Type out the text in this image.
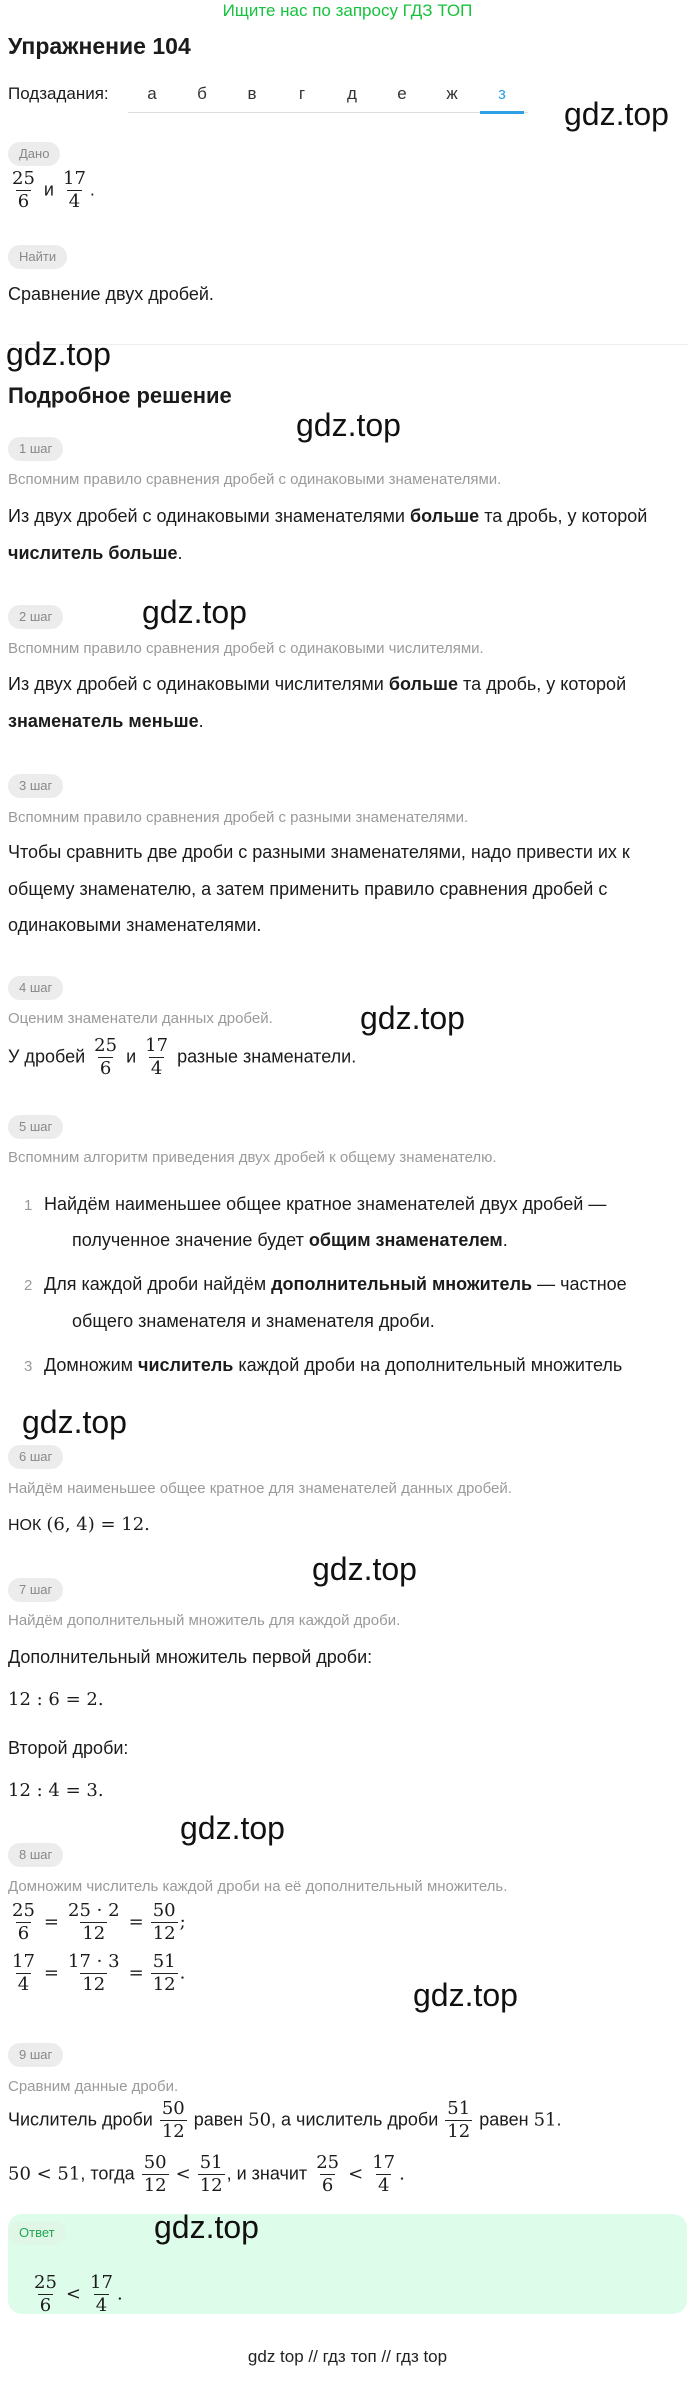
Ищите нас по запросу ГДЗ ТОП
Упражнение 104
Подзадания:	а	б	в	г	д	е	ж	з
gdz.top
Дано
$\frac{25}{6}$ и $\frac{17}{4}$ .
Найти
Сравнение двух дробей.
gdz.top
Подробное решение
gdz.top
1 шаг
Вспомним правило сравнения дробей с одинаковыми знаменателями.
Из двух дробей с одинаковыми знаменателями больше та дробь, у которой
числитель больше.
gdz.top
2 шаг
Вспомним правило сравнения дробей с одинаковыми числителями.
Из двух дробей с одинаковыми числителями больше та дробь, у которой
знаменатель меньше.
3 шаг
Вспомним правило сравнения дробей с разными знаменателями.
Чтобы сравнить две дроби с разными знаменателями, надо привести их к
общему знаменателю, а затем применить правило сравнения дробей с
одинаковыми знаменателями.
4 шаг
gdz.top
Оценим знаменатели данных дробей.
У дробей $\frac{25}{6}$ и $\frac{17}{4}$ разные знаменатели.
5 шаг
Вспомним алгоритм приведения двух дробей к общему знаменателю.
1 Найдём наименьшее общее кратное знаменателей двух дробей —
полученное значение будет общим знаменателем.
2 Для каждой дроби найдём дополнительный множитель — частное
общего знаменателя и знаменателя дроби.
3 Домножим числитель каждой дроби на дополнительный множитель
gdz.top
6 шаг
Найдём наименьшее общее кратное для знаменателей данных дробей.
НОК (6, 4) = 12.
gdz.top
7 шаг
Найдём дополнительный множитель для каждой дроби.
Дополнительный множитель первой дроби:
12 : 6 = 2.
Второй дроби:
12 : 4 = 3.
gdz.top
8 шаг
Домножим числитель каждой дроби на её дополнительный множитель.
$\frac{25}{6} = \frac{25 \cdot 2}{12} = \frac{50}{12}$ ;
$\frac{17}{4} = \frac{17 \cdot 3}{12} = \frac{51}{12}$ .
gdz.top
9 шаг
Сравним данные дроби.
Числитель дроби $\frac{50}{12}$ равен 50, а числитель дроби $\frac{51}{12}$ равен 51.
50 < 51, тогда $\frac{50}{12} < \frac{51}{12}$ , и значит $\frac{25}{6} < \frac{17}{4}$ .
Ответ	gdz.top
$\frac{25}{6} < \frac{17}{4}$ .
gdz top // гдз топ // гдз top
